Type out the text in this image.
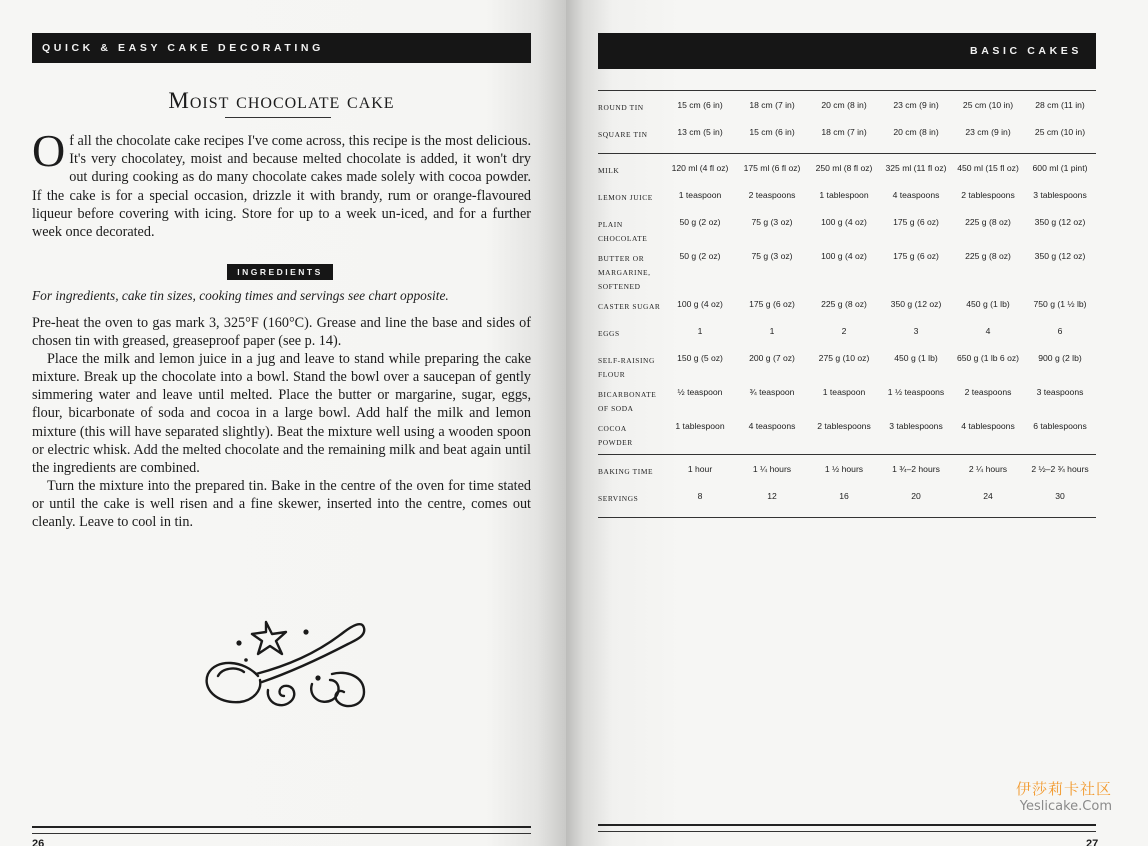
QUICK & EASY CAKE DECORATING
Moist chocolate cake

Of all the chocolate cake recipes I've come across, this recipe is the most delicious. It's very chocolatey, moist and because melted chocolate is added, it won't dry out during cooking as do many chocolate cakes made solely with cocoa powder. If the cake is for a special occasion, drizzle it with brandy, rum or orange-flavoured liqueur before covering with icing. Store for up to a week un-iced, and for a further week once decorated.

INGREDIENTS

For ingredients, cake tin sizes, cooking times and servings see chart opposite.

Pre-heat the oven to gas mark 3, 325°F (160°C). Grease and line the base and sides of chosen tin with greased, greaseproof paper (see p. 14).

Place the milk and lemon juice in a jug and leave to stand while preparing the cake mixture. Break up the chocolate into a bowl. Stand the bowl over a saucepan of gently simmering water and leave until melted. Place the butter or margarine, sugar, eggs, flour, bicarbonate of soda and cocoa in a large bowl. Add half the milk and lemon mixture (this will have separated slightly). Beat the mixture well using a wooden spoon or electric whisk. Add the melted chocolate and the remaining milk and beat again until the ingredients are combined.

Turn the mixture into the prepared tin. Bake in the centre of the oven for time stated or until the cake is well risen and a fine skewer, inserted into the centre, comes out cleanly. Leave to cool in tin.

26
BASIC CAKES
ROUND TIN	15 cm (6 in)	18 cm (7 in)	20 cm (8 in)	23 cm (9 in)	25 cm (10 in)	28 cm (11 in)
SQUARE TIN	13 cm (5 in)	15 cm (6 in)	18 cm (7 in)	20 cm (8 in)	23 cm (9 in)	25 cm (10 in)
MILK	120 ml (4 fl oz)	175 ml (6 fl oz)	250 ml (8 fl oz)	325 ml (11 fl oz)	450 ml (15 fl oz)	600 ml (1 pint)
LEMON JUICE	1 teaspoon	2 teaspoons	1 tablespoon	4 teaspoons	2 tablespoons	3 tablespoons
PLAIN
CHOCOLATE
50 g (2 oz)	75 g (3 oz)	100 g (4 oz)	175 g (6 oz)	225 g (8 oz)	350 g (12 oz)
BUTTER OR
MARGARINE,
SOFTENED
50 g (2 oz)	75 g (3 oz)	100 g (4 oz)	175 g (6 oz)	225 g (8 oz)	350 g (12 oz)
CASTER SUGAR	100 g (4 oz)	175 g (6 oz)	225 g (8 oz)	350 g (12 oz)	450 g (1 lb)	750 g (1 ½ lb)
EGGS	1	1	2	3	4	6
SELF-RAISING
FLOUR
150 g (5 oz)	200 g (7 oz)	275 g (10 oz)	450 g (1 lb)	650 g (1 lb 6 oz)	900 g (2 lb)
BICARBONATE
OF SODA
½ teaspoon	¾ teaspoon	1 teaspoon	1 ½ teaspoons	2 teaspoons	3 teaspoons
COCOA
POWDER
1 tablespoon	4 teaspoons	2 tablespoons	3 tablespoons	4 tablespoons	6 tablespoons
BAKING TIME	1 hour	1 ¼ hours	1 ½ hours	1 ¾–2 hours	2 ¼ hours	2 ½–2 ¾ hours
SERVINGS	8	12	16	20	24	30
伊莎莉卡社区
Yeslicake.Com
27
